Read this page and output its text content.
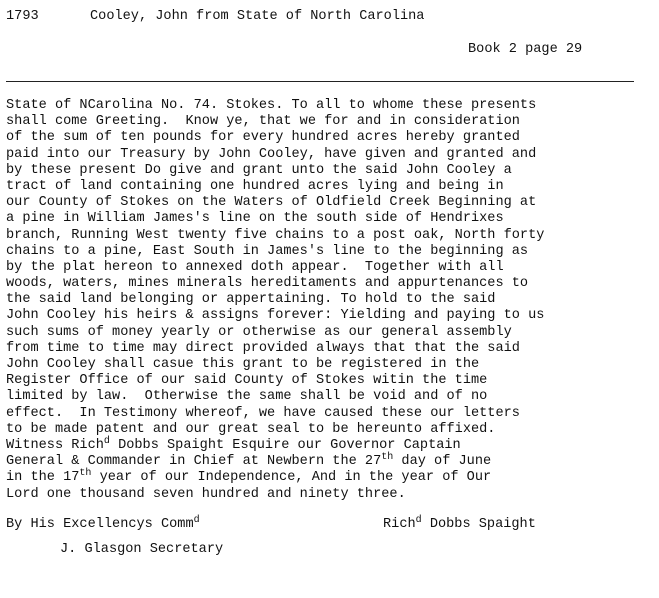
1793	Cooley, John from State of North Carolina
Book 2 page 29
State of NCarolina No. 74. Stokes. To all to whome these presents
shall come Greeting.  Know ye, that we for and in consideration
of the sum of ten pounds for every hundred acres hereby granted
paid into our Treasury by John Cooley, have given and granted and
by these present Do give and grant unto the said John Cooley a
tract of land containing one hundred acres lying and being in
our County of Stokes on the Waters of Oldfield Creek Beginning at
a pine in William James's line on the south side of Hendrixes
branch, Running West twenty five chains to a post oak, North forty
chains to a pine, East South in James's line to the beginning as
by the plat hereon to annexed doth appear.  Together with all
woods, waters, mines minerals hereditaments and appurtenances to
the said land belonging or appertaining. To hold to the said
John Cooley his heirs & assigns forever: Yielding and paying to us
such sums of money yearly or otherwise as our general assembly
from time to time may direct provided always that that the said
John Cooley shall casue this grant to be registered in the
Register Office of our said County of Stokes witin the time
limited by law.  Otherwise the same shall be void and of no
effect.  In Testimony whereof, we have caused these our letters
to be made patent and our great seal to be hereunto affixed.
Witness Rich$^d$ Dobbs Spaight Esquire our Governor Captain
General & Commander in Chief at Newbern the 27th day of June
in the 17th year of our Independence, And in the year of Our
Lord one thousand seven hundred and ninety three.
By His Excellencys Comm$^d$	Rich$^d$ Dobbs Spaight
J. Glasgon Secretary
